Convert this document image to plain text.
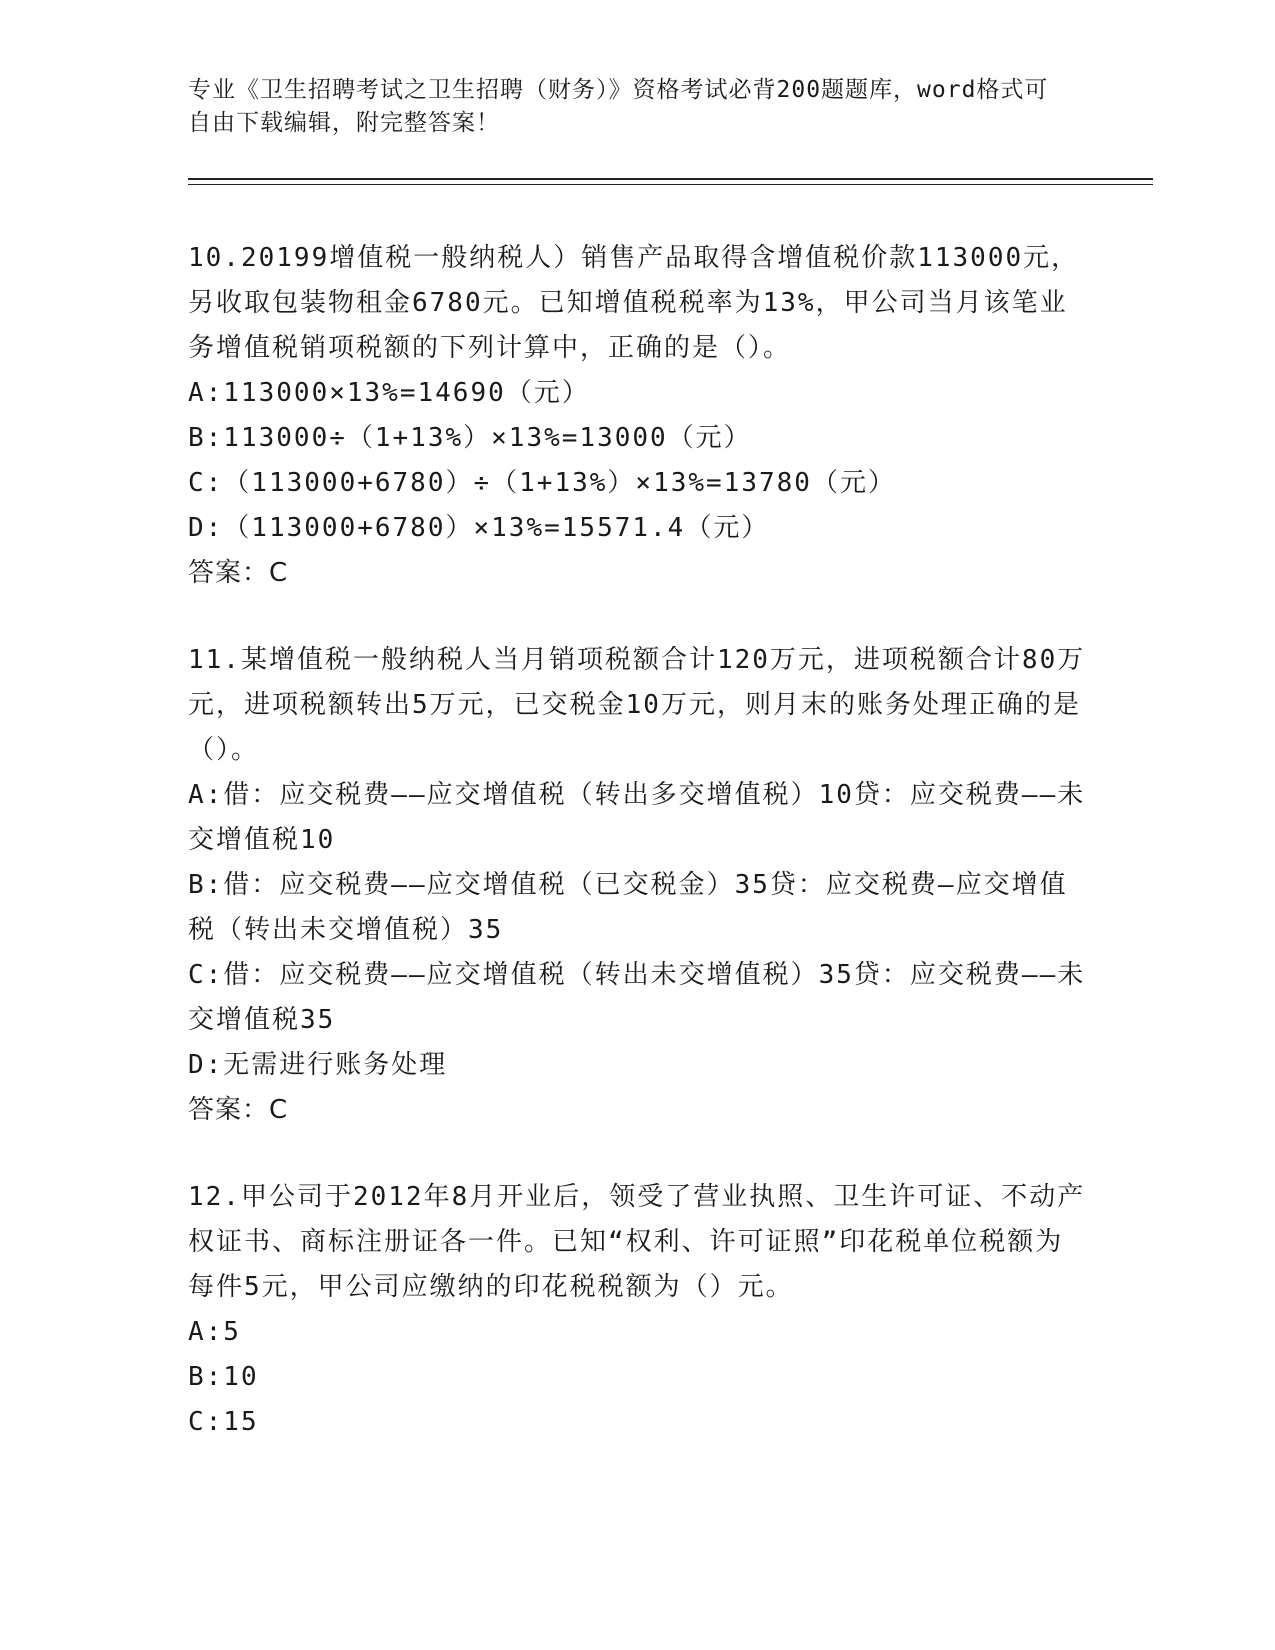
专业《卫生招聘考试之卫生招聘（财务）》资格考试必背200题题库，word格式可自由下载编辑，附完整答案！

10.20199增值税一般纳税人）销售产品取得含增值税价款113000元，另收取包装物租金6780元。已知增值税税率为13%，甲公司当月该笔业务增值税销项税额的下列计算中，正确的是（）。

A:113000×13%=14690（元）

B:113000÷（1+13%）×13%=13000（元）

C:（113000+6780）÷（1+13%）×13%=13780（元）

D:（113000+6780）×13%=15571.4（元）

答案：C

11.某增值税一般纳税人当月销项税额合计120万元，进项税额合计80万元，进项税额转出5万元，已交税金10万元，则月末的账务处理正确的是（）。

A:借：应交税费——应交增值税（转出多交增值税）10贷：应交税费——未交增值税10

B:借：应交税费——应交增值税（已交税金）35贷：应交税费—应交增值税（转出未交增值税）35

C:借：应交税费——应交增值税（转出未交增值税）35贷：应交税费——未交增值税35

D:无需进行账务处理

答案：C

12.甲公司于2012年8月开业后，领受了营业执照、卫生许可证、不动产权证书、商标注册证各一件。已知“权利、许可证照”印花税单位税额为每件5元，甲公司应缴纳的印花税税额为（）元。

A:5

B:10

C:15
